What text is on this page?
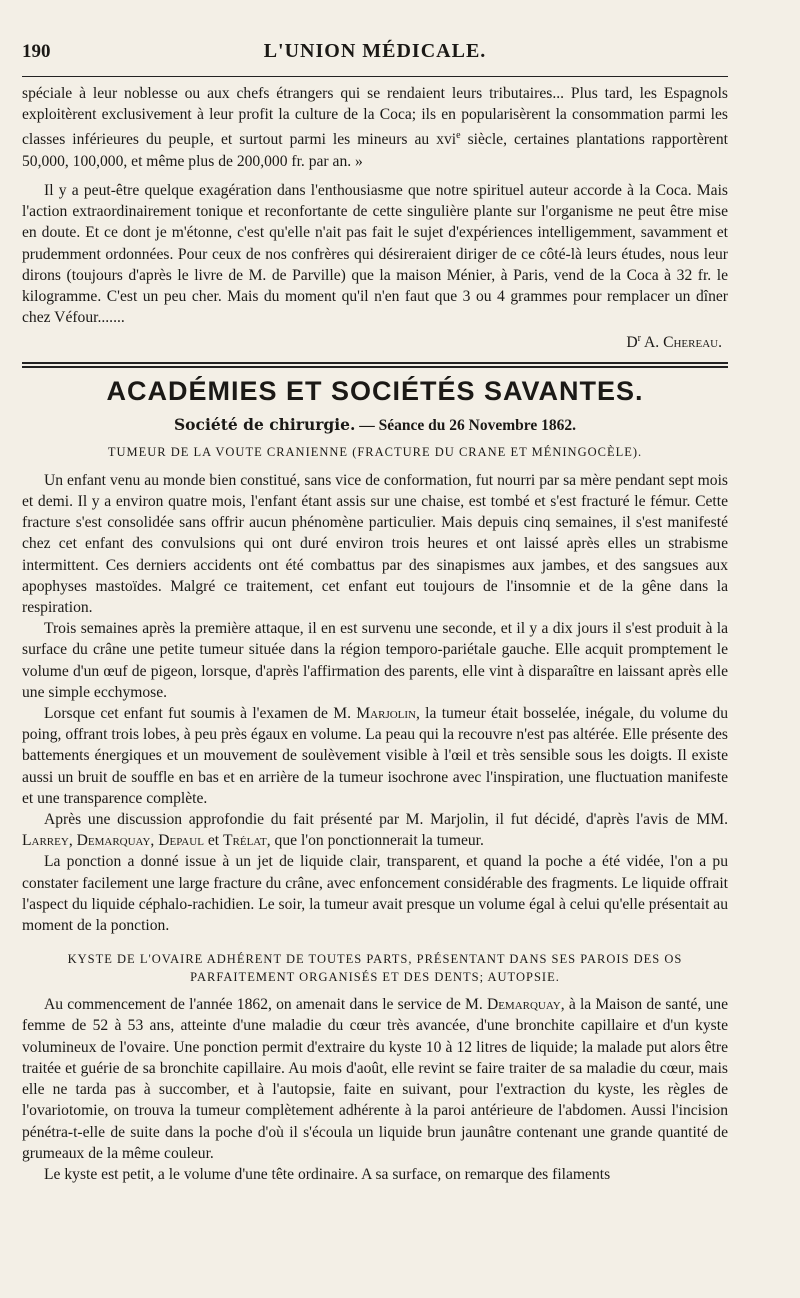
190	L'UNION MÉDICALE.

spéciale à leur noblesse ou aux chefs étrangers qui se rendaient leurs tributaires... Plus tard, les Espagnols exploitèrent exclusivement à leur profit la culture de la Coca; ils en popularisèrent la consommation parmi les classes inférieures du peuple, et surtout parmi les mineurs au xvi$^e$ siècle, certaines plantations rapportèrent 50,000, 100,000, et même plus de 200,000 fr. par an. »

Il y a peut-être quelque exagération dans l'enthousiasme que notre spirituel auteur accorde à la Coca. Mais l'action extraordinairement tonique et reconfortante de cette singulière plante sur l'organisme ne peut être mise en doute. Et ce dont je m'étonne, c'est qu'elle n'ait pas fait le sujet d'expériences intelligemment, savamment et prudemment ordonnées. Pour ceux de nos confrères qui désireraient diriger de ce côté-là leurs études, nous leur dirons (toujours d'après le livre de M. de Parville) que la maison Ménier, à Paris, vend de la Coca à 32 fr. le kilogramme. C'est un peu cher. Mais du moment qu'il n'en faut que 3 ou 4 grammes pour remplacer un dîner chez Véfour.......

$D^r$ A. Chereau.
ACADÉMIES ET SOCIÉTÉS SAVANTES.
Société de chirurgie. — Séance du 26 Novembre 1862.
TUMEUR DE LA VOUTE CRANIENNE (FRACTURE DU CRANE ET MÉNINGOCÈLE).

Un enfant venu au monde bien constitué, sans vice de conformation, fut nourri par sa mère pendant sept mois et demi. Il y a environ quatre mois, l'enfant étant assis sur une chaise, est tombé et s'est fracturé le fémur. Cette fracture s'est consolidée sans offrir aucun phénomène particulier. Mais depuis cinq semaines, il s'est manifesté chez cet enfant des convulsions qui ont duré environ trois heures et ont laissé après elles un strabisme intermittent. Ces derniers accidents ont été combattus par des sinapismes aux jambes, et des sangsues aux apophyses mastoïdes. Malgré ce traitement, cet enfant eut toujours de l'insomnie et de la gêne dans la respiration.

Trois semaines après la première attaque, il en est survenu une seconde, et il y a dix jours il s'est produit à la surface du crâne une petite tumeur située dans la région temporo-pariétale gauche. Elle acquit promptement le volume d'un œuf de pigeon, lorsque, d'après l'affirmation des parents, elle vint à disparaître en laissant après elle une simple ecchymose.

Lorsque cet enfant fut soumis à l'examen de M. Marjolin, la tumeur était bosselée, inégale, du volume du poing, offrant trois lobes, à peu près égaux en volume. La peau qui la recouvre n'est pas altérée. Elle présente des battements énergiques et un mouvement de soulèvement visible à l'œil et très sensible sous les doigts. Il existe aussi un bruit de souffle en bas et en arrière de la tumeur isochrone avec l'inspiration, une fluctuation manifeste et une transparence complète.

Après une discussion approfondie du fait présenté par M. Marjolin, il fut décidé, d'après l'avis de MM. Larrey, Demarquay, Depaul et Trélat, que l'on ponctionnerait la tumeur.

La ponction a donné issue à un jet de liquide clair, transparent, et quand la poche a été vidée, l'on a pu constater facilement une large fracture du crâne, avec enfoncement considérable des fragments. Le liquide offrait l'aspect du liquide céphalo-rachidien. Le soir, la tumeur avait presque un volume égal à celui qu'elle présentait au moment de la ponction.

KYSTE DE L'OVAIRE ADHÉRENT DE TOUTES PARTS, PRÉSENTANT DANS SES PAROIS DES OS
PARFAITEMENT ORGANISÉS ET DES DENTS; AUTOPSIE.

Au commencement de l'année 1862, on amenait dans le service de M. Demarquay, à la Maison de santé, une femme de 52 à 53 ans, atteinte d'une maladie du cœur très avancée, d'une bronchite capillaire et d'un kyste volumineux de l'ovaire. Une ponction permit d'extraire du kyste 10 à 12 litres de liquide; la malade put alors être traitée et guérie de sa bronchite capillaire. Au mois d'août, elle revint se faire traiter de sa maladie du cœur, mais elle ne tarda pas à succomber, et à l'autopsie, faite en suivant, pour l'extraction du kyste, les règles de l'ovariotomie, on trouva la tumeur complètement adhérente à la paroi antérieure de l'abdomen. Aussi l'incision pénétra-t-elle de suite dans la poche d'où il s'écoula un liquide brun jaunâtre contenant une grande quantité de grumeaux de la même couleur.

Le kyste est petit, a le volume d'une tête ordinaire. A sa surface, on remarque des filaments
